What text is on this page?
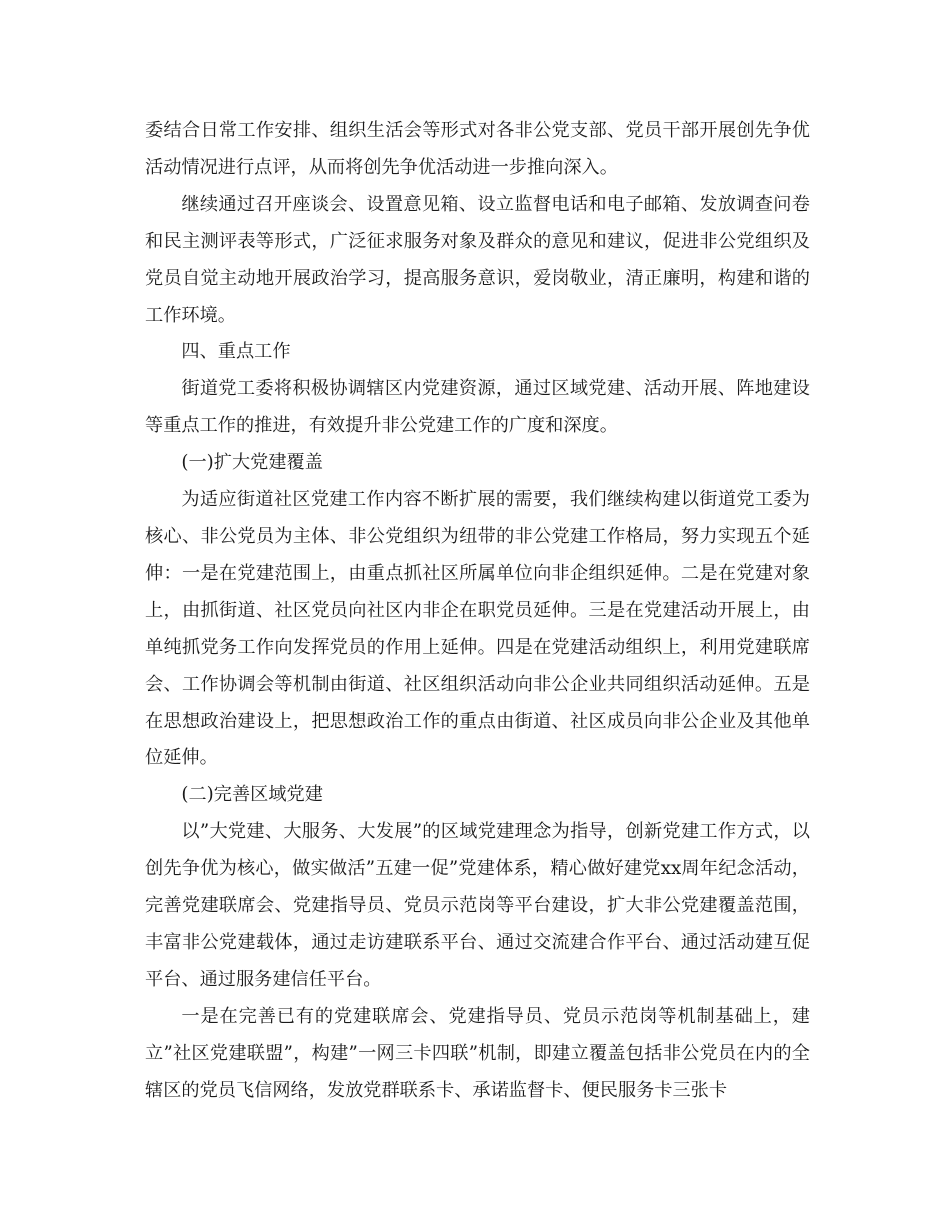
委结合日常工作安排、组织生活会等形式对各非公党支部、党员干部开展创先争优活动情况进行点评，从而将创先争优活动进一步推向深入。

继续通过召开座谈会、设置意见箱、设立监督电话和电子邮箱、发放调查问卷和民主测评表等形式，广泛征求服务对象及群众的意见和建议，促进非公党组织及党员自觉主动地开展政治学习，提高服务意识，爱岗敬业，清正廉明，构建和谐的工作环境。

四、重点工作

街道党工委将积极协调辖区内党建资源，通过区域党建、活动开展、阵地建设等重点工作的推进，有效提升非公党建工作的广度和深度。

(一)扩大党建覆盖

为适应街道社区党建工作内容不断扩展的需要，我们继续构建以街道党工委为核心、非公党员为主体、非公党组织为纽带的非公党建工作格局，努力实现五个延伸：一是在党建范围上，由重点抓社区所属单位向非企组织延伸。二是在党建对象上，由抓街道、社区党员向社区内非企在职党员延伸。三是在党建活动开展上，由单纯抓党务工作向发挥党员的作用上延伸。四是在党建活动组织上，利用党建联席会、工作协调会等机制由街道、社区组织活动向非公企业共同组织活动延伸。五是在思想政治建设上，把思想政治工作的重点由街道、社区成员向非公企业及其他单位延伸。

(二)完善区域党建

以”大党建、大服务、大发展”的区域党建理念为指导，创新党建工作方式，以创先争优为核心，做实做活”五建一促”党建体系，精心做好建党xx周年纪念活动，完善党建联席会、党建指导员、党员示范岗等平台建设，扩大非公党建覆盖范围，丰富非公党建载体，通过走访建联系平台、通过交流建合作平台、通过活动建互促平台、通过服务建信任平台。

一是在完善已有的党建联席会、党建指导员、党员示范岗等机制基础上，建立”社区党建联盟”，构建”一网三卡四联”机制，即建立覆盖包括非公党员在内的全辖区的党员飞信网络，发放党群联系卡、承诺监督卡、便民服务卡三张卡
